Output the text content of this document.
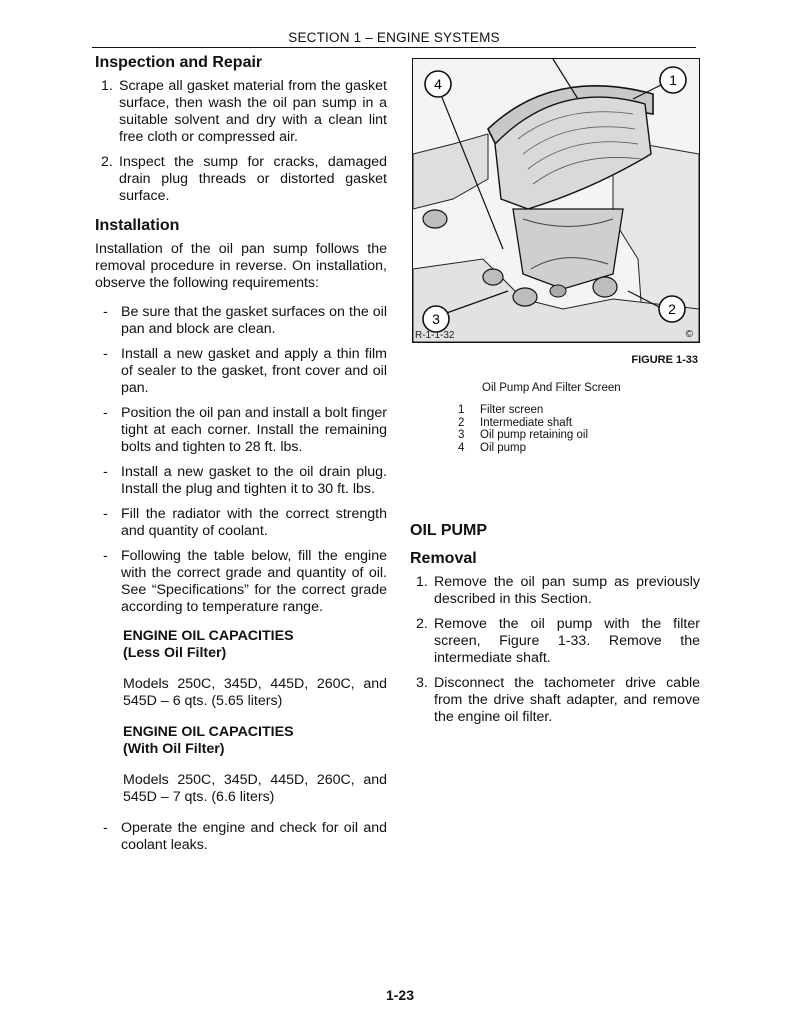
SECTION 1 – ENGINE SYSTEMS
Inspection and Repair
1. Scrape all gasket material from the gasket surface, then wash the oil pan sump in a suitable solvent and dry with a clean lint free cloth or compressed air.
2. Inspect the sump for cracks, damaged drain plug threads or distorted gasket surface.
Installation

Installation of the oil pan sump follows the removal procedure in reverse. On installation, observe the following requirements:

- Be sure that the gasket surfaces on the oil pan and block are clean.
- Install a new gasket and apply a thin film of sealer to the gasket, front cover and oil pan.
- Position the oil pan and install a bolt finger tight at each corner. Install the remaining bolts and tighten to 28 ft. lbs.
- Install a new gasket to the oil drain plug. Install the plug and tighten it to 30 ft. lbs.
- Fill the radiator with the correct strength and quantity of coolant.
- Following the table below, fill the engine with the correct grade and quantity of oil. See “Specifications” for the correct grade according to temperature range.

ENGINE OIL CAPACITIES

(Less Oil Filter)

Models 250C, 345D, 445D, 260C, and 545D – 6 qts. (5.65 liters)

ENGINE OIL CAPACITIES

(With Oil Filter)

Models 250C, 345D, 445D, 260C, and 545D – 7 qts. (6.6 liters)

- Operate the engine and check for oil and coolant leaks.
4	1
3
2
R-1-1-32	©
FIGURE 1-33
Oil Pump And Filter Screen
1	Filter screen
2	Intermediate shaft
3	Oil pump retaining oil
4	Oil pump
OIL PUMP
Removal
1. Remove the oil pan sump as previously described in this Section.
2. Remove the oil pump with the filter screen, Figure 1-33. Remove the intermediate shaft.
3. Disconnect the tachometer drive cable from the drive shaft adapter, and remove the engine oil filter.
1-23
